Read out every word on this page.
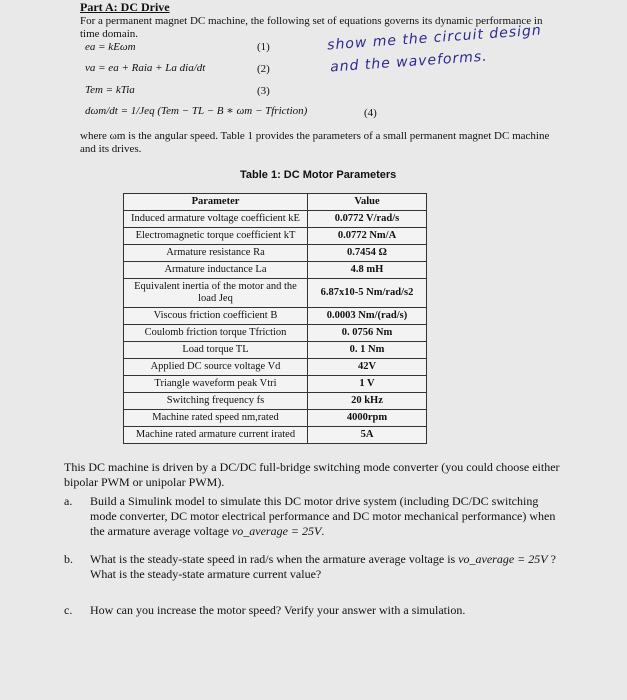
Part A: DC Drive
For a permanent magnet DC machine, the following set of equations governs its dynamic performance in time domain.
ea = kEωm	(1)
va = ea + Raia + La dia/dt	(2)
Tem = kTia	(3)
dωm/dt = 1/Jeq (Tem − TL − B ∗ ωm − Tfriction)	(4)
show me the circuit design
and the waveforms.
where ωm is the angular speed. Table 1 provides the parameters of a small permanent magnet DC machine and its drives.
Table 1: DC Motor Parameters
Parameter	Value
Induced armature voltage coefficient kE	0.0772 V/rad/s
Electromagnetic torque coefficient kT	0.0772 Nm/A
Armature resistance Ra	0.7454 Ω
Armature inductance La	4.8 mH
Equivalent inertia of the motor and the load Jeq	6.87x10-5 Nm/rad/s2
Viscous friction coefficient B	0.0003 Nm/(rad/s)
Coulomb friction torque Tfriction	0. 0756 Nm
Load torque TL	0. 1 Nm
Applied DC source voltage Vd	42V
Triangle waveform peak Vtri	1 V
Switching frequency fs	20 kHz
Machine rated speed nm,rated	4000rpm
Machine rated armature current irated	5A
This DC machine is driven by a DC/DC full-bridge switching mode converter (you could choose either bipolar PWM or unipolar PWM).
a. Build a Simulink model to simulate this DC motor drive system (including DC/DC switching mode converter, DC motor electrical performance and DC motor mechanical performance) when the armature average voltage vo_average = 25V.
b. What is the steady-state speed in rad/s when the armature average voltage is vo_average = 25V ? What is the steady-state armature current value?
c. How can you increase the motor speed? Verify your answer with a simulation.
